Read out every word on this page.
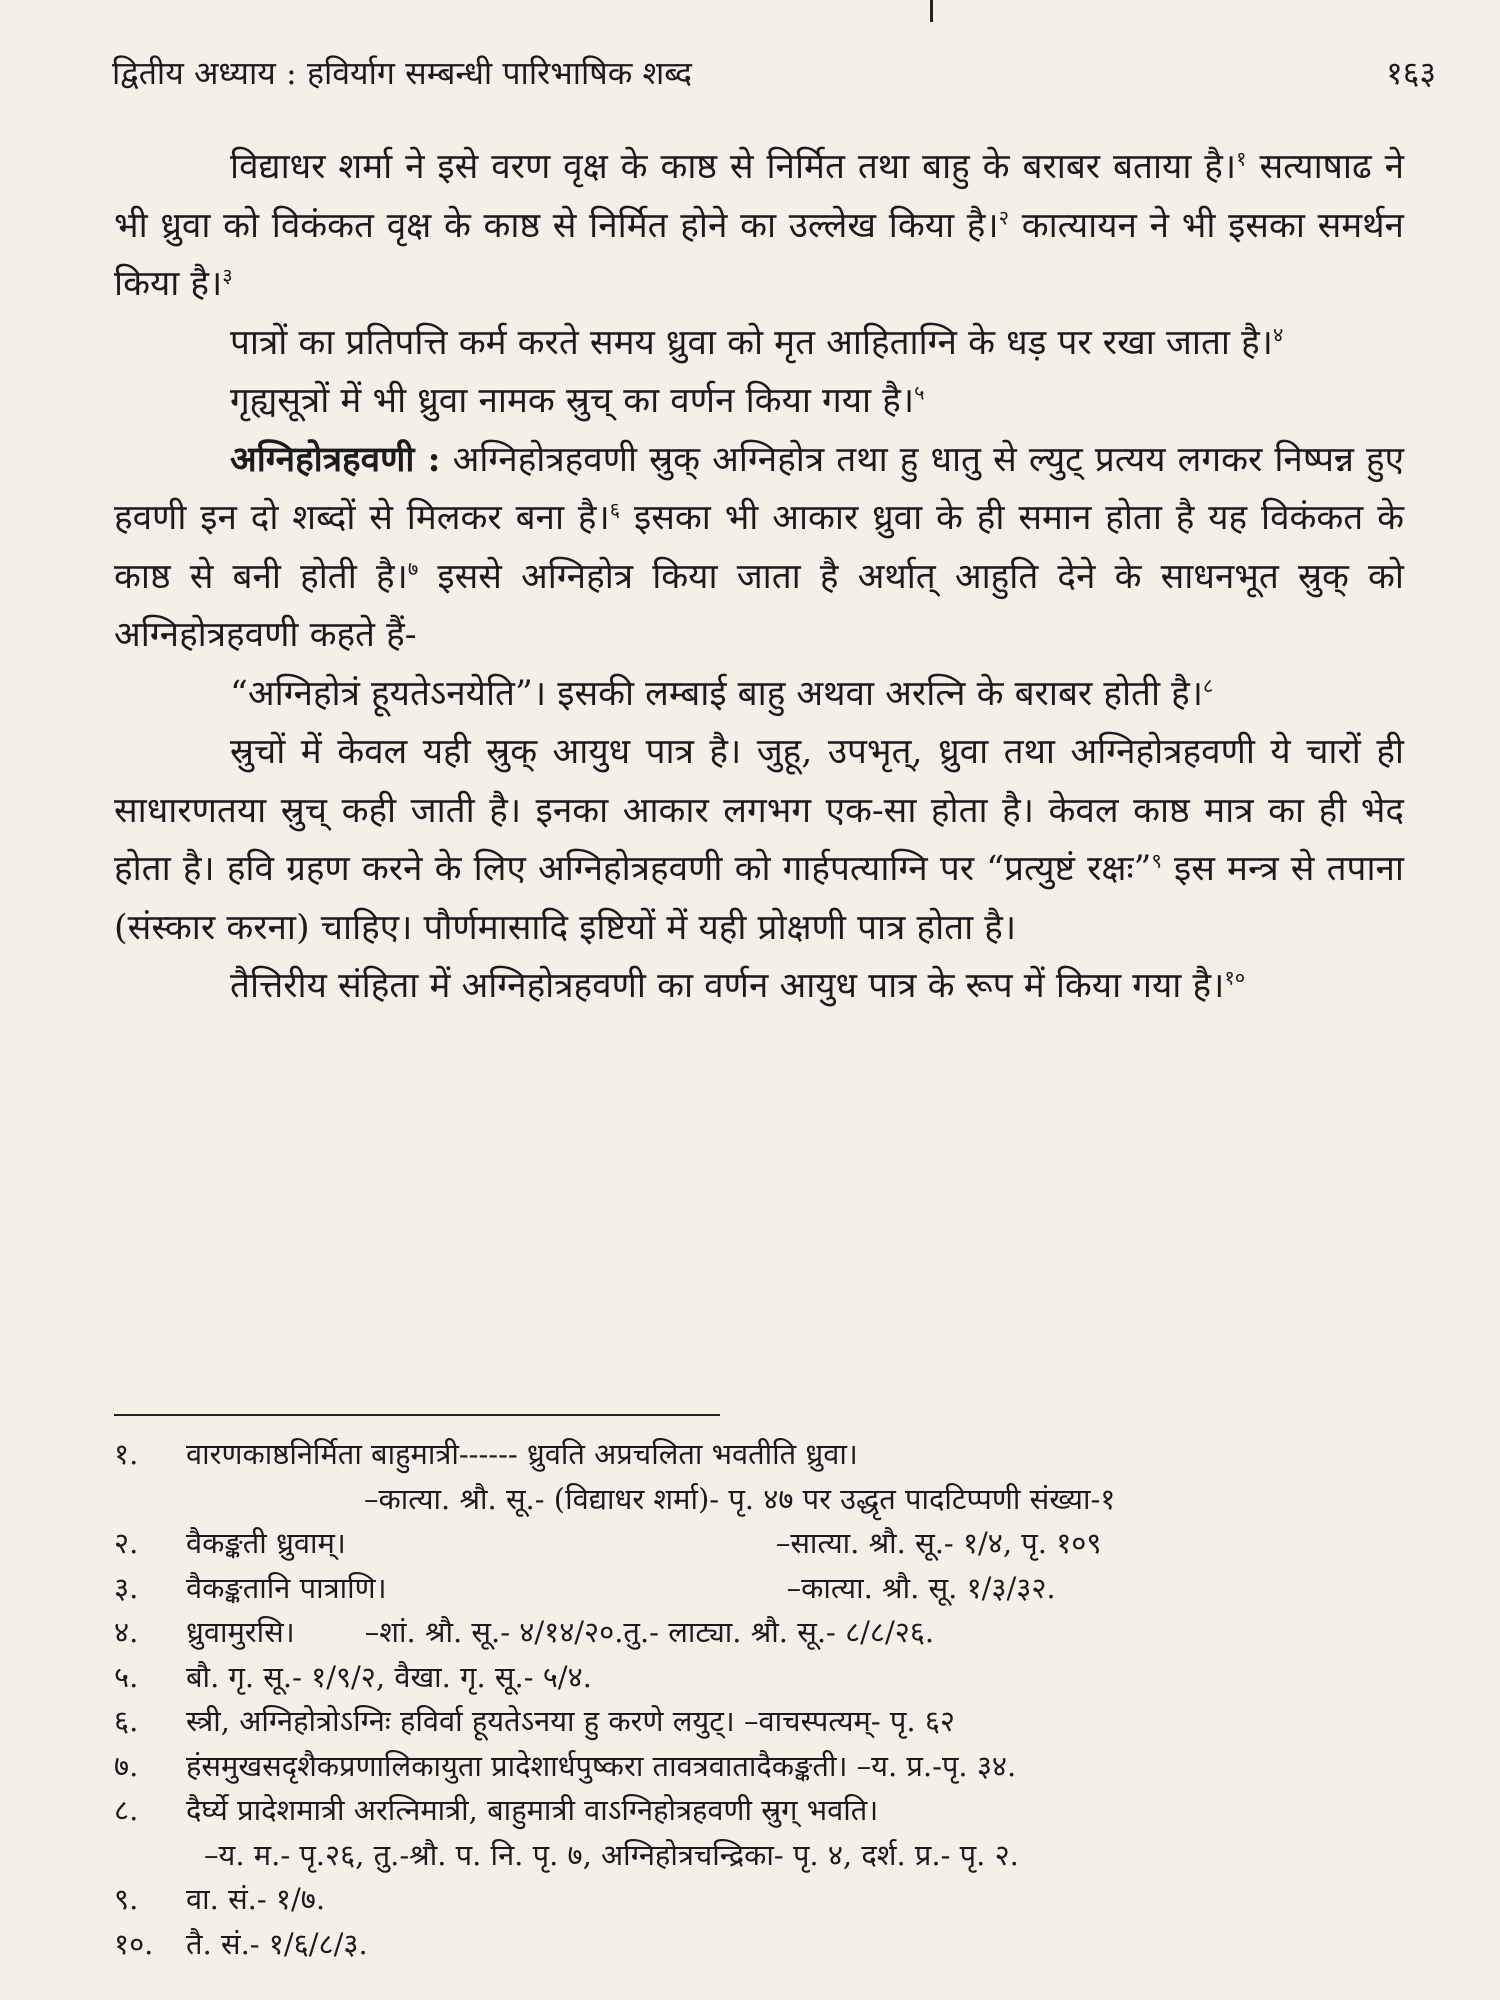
द्वितीय अध्याय : हविर्याग सम्बन्धी पारिभाषिक शब्द	१६३

विद्याधर शर्मा ने इसे वरण वृक्ष के काष्ठ से निर्मित तथा बाहु के बराबर बताया है।$^१$ सत्याषाढ ने भी ध्रुवा को विकंकत वृक्ष के काष्ठ से निर्मित होने का उल्लेख किया है।$^२$ कात्यायन ने भी इसका समर्थन किया है।$^३$

पात्रों का प्रतिपत्ति कर्म करते समय ध्रुवा को मृत आहिताग्नि के धड़ पर रखा जाता है।$^४$

गृह्यसूत्रों में भी ध्रुवा नामक स्रुच् का वर्णन किया गया है।$^५$

अग्निहोत्रहवणी : अग्निहोत्रहवणी स्रुक् अग्निहोत्र तथा हु धातु से ल्युट् प्रत्यय लगकर निष्पन्न हुए हवणी इन दो शब्दों से मिलकर बना है।$^६$ इसका भी आकार ध्रुवा के ही समान होता है यह विकंकत के काष्ठ से बनी होती है।$^७$ इससे अग्निहोत्र किया जाता है अर्थात् आहुति देने के साधनभूत स्रुक् को अग्निहोत्रहवणी कहते हैं-

“अग्निहोत्रं हूयतेऽनयेति”। इसकी लम्बाई बाहु अथवा अरत्नि के बराबर होती है।$^८$

स्रुचों में केवल यही स्रुक् आयुध पात्र है। जुहू, उपभृत्, ध्रुवा तथा अग्निहोत्रहवणी ये चारों ही साधारणतया स्रुच् कही जाती है। इनका आकार लगभग एक-सा होता है। केवल काष्ठ मात्र का ही भेद होता है। हवि ग्रहण करने के लिए अग्निहोत्रहवणी को गार्हपत्याग्नि पर “प्रत्युष्टं रक्षः”$^९$ इस मन्त्र से तपाना (संस्कार करना) चाहिए। पौर्णमासादि इष्टियों में यही प्रोक्षणी पात्र होता है।

तैत्तिरीय संहिता में अग्निहोत्रहवणी का वर्णन आयुध पात्र के रूप में किया गया है।$^{१०}$

१.	वारणकाष्ठनिर्मिता बाहुमात्री------ ध्रुवति अप्रचलिता भवतीति ध्रुवा।
–कात्या. श्रौ. सू.- (विद्याधर शर्मा)- पृ. ४७ पर उद्धृत पादटिप्पणी संख्या-१
२.	वैकङ्कती ध्रुवाम्।	–सात्या. श्रौ. सू.- १/४, पृ. १०९
३.	वैकङ्कतानि पात्राणि।	–कात्या. श्रौ. सू. १/३/३२.
४.	ध्रुवामुरसि। –शां. श्रौ. सू.- ४/१४/२०.तु.- लाट्या. श्रौ. सू.- ८/८/२६.
५.	बौ. गृ. सू.- १/९/२, वैखा. गृ. सू.- ५/४.
६.	स्त्री, अग्निहोत्रोऽग्निः हविर्वा हूयतेऽनया हु करणे लयुट्। –वाचस्पत्यम्- पृ. ६२
७.	हंसमुखसदृशैकप्रणालिकायुता प्रादेशार्धपुष्करा तावत्रवातादैकङ्कती। –य. प्र.-पृ. ३४.
८.	दैर्घ्ये प्रादेशमात्री अरत्निमात्री, बाहुमात्री वाऽग्निहोत्रहवणी स्रुग् भवति।
–य. म.- पृ.२६, तु.-श्रौ. प. नि. पृ. ७, अग्निहोत्रचन्द्रिका- पृ. ४, दर्श. प्र.- पृ. २.
९.	वा. सं.- १/७.
१०.	तै. सं.- १/६/८/३.
